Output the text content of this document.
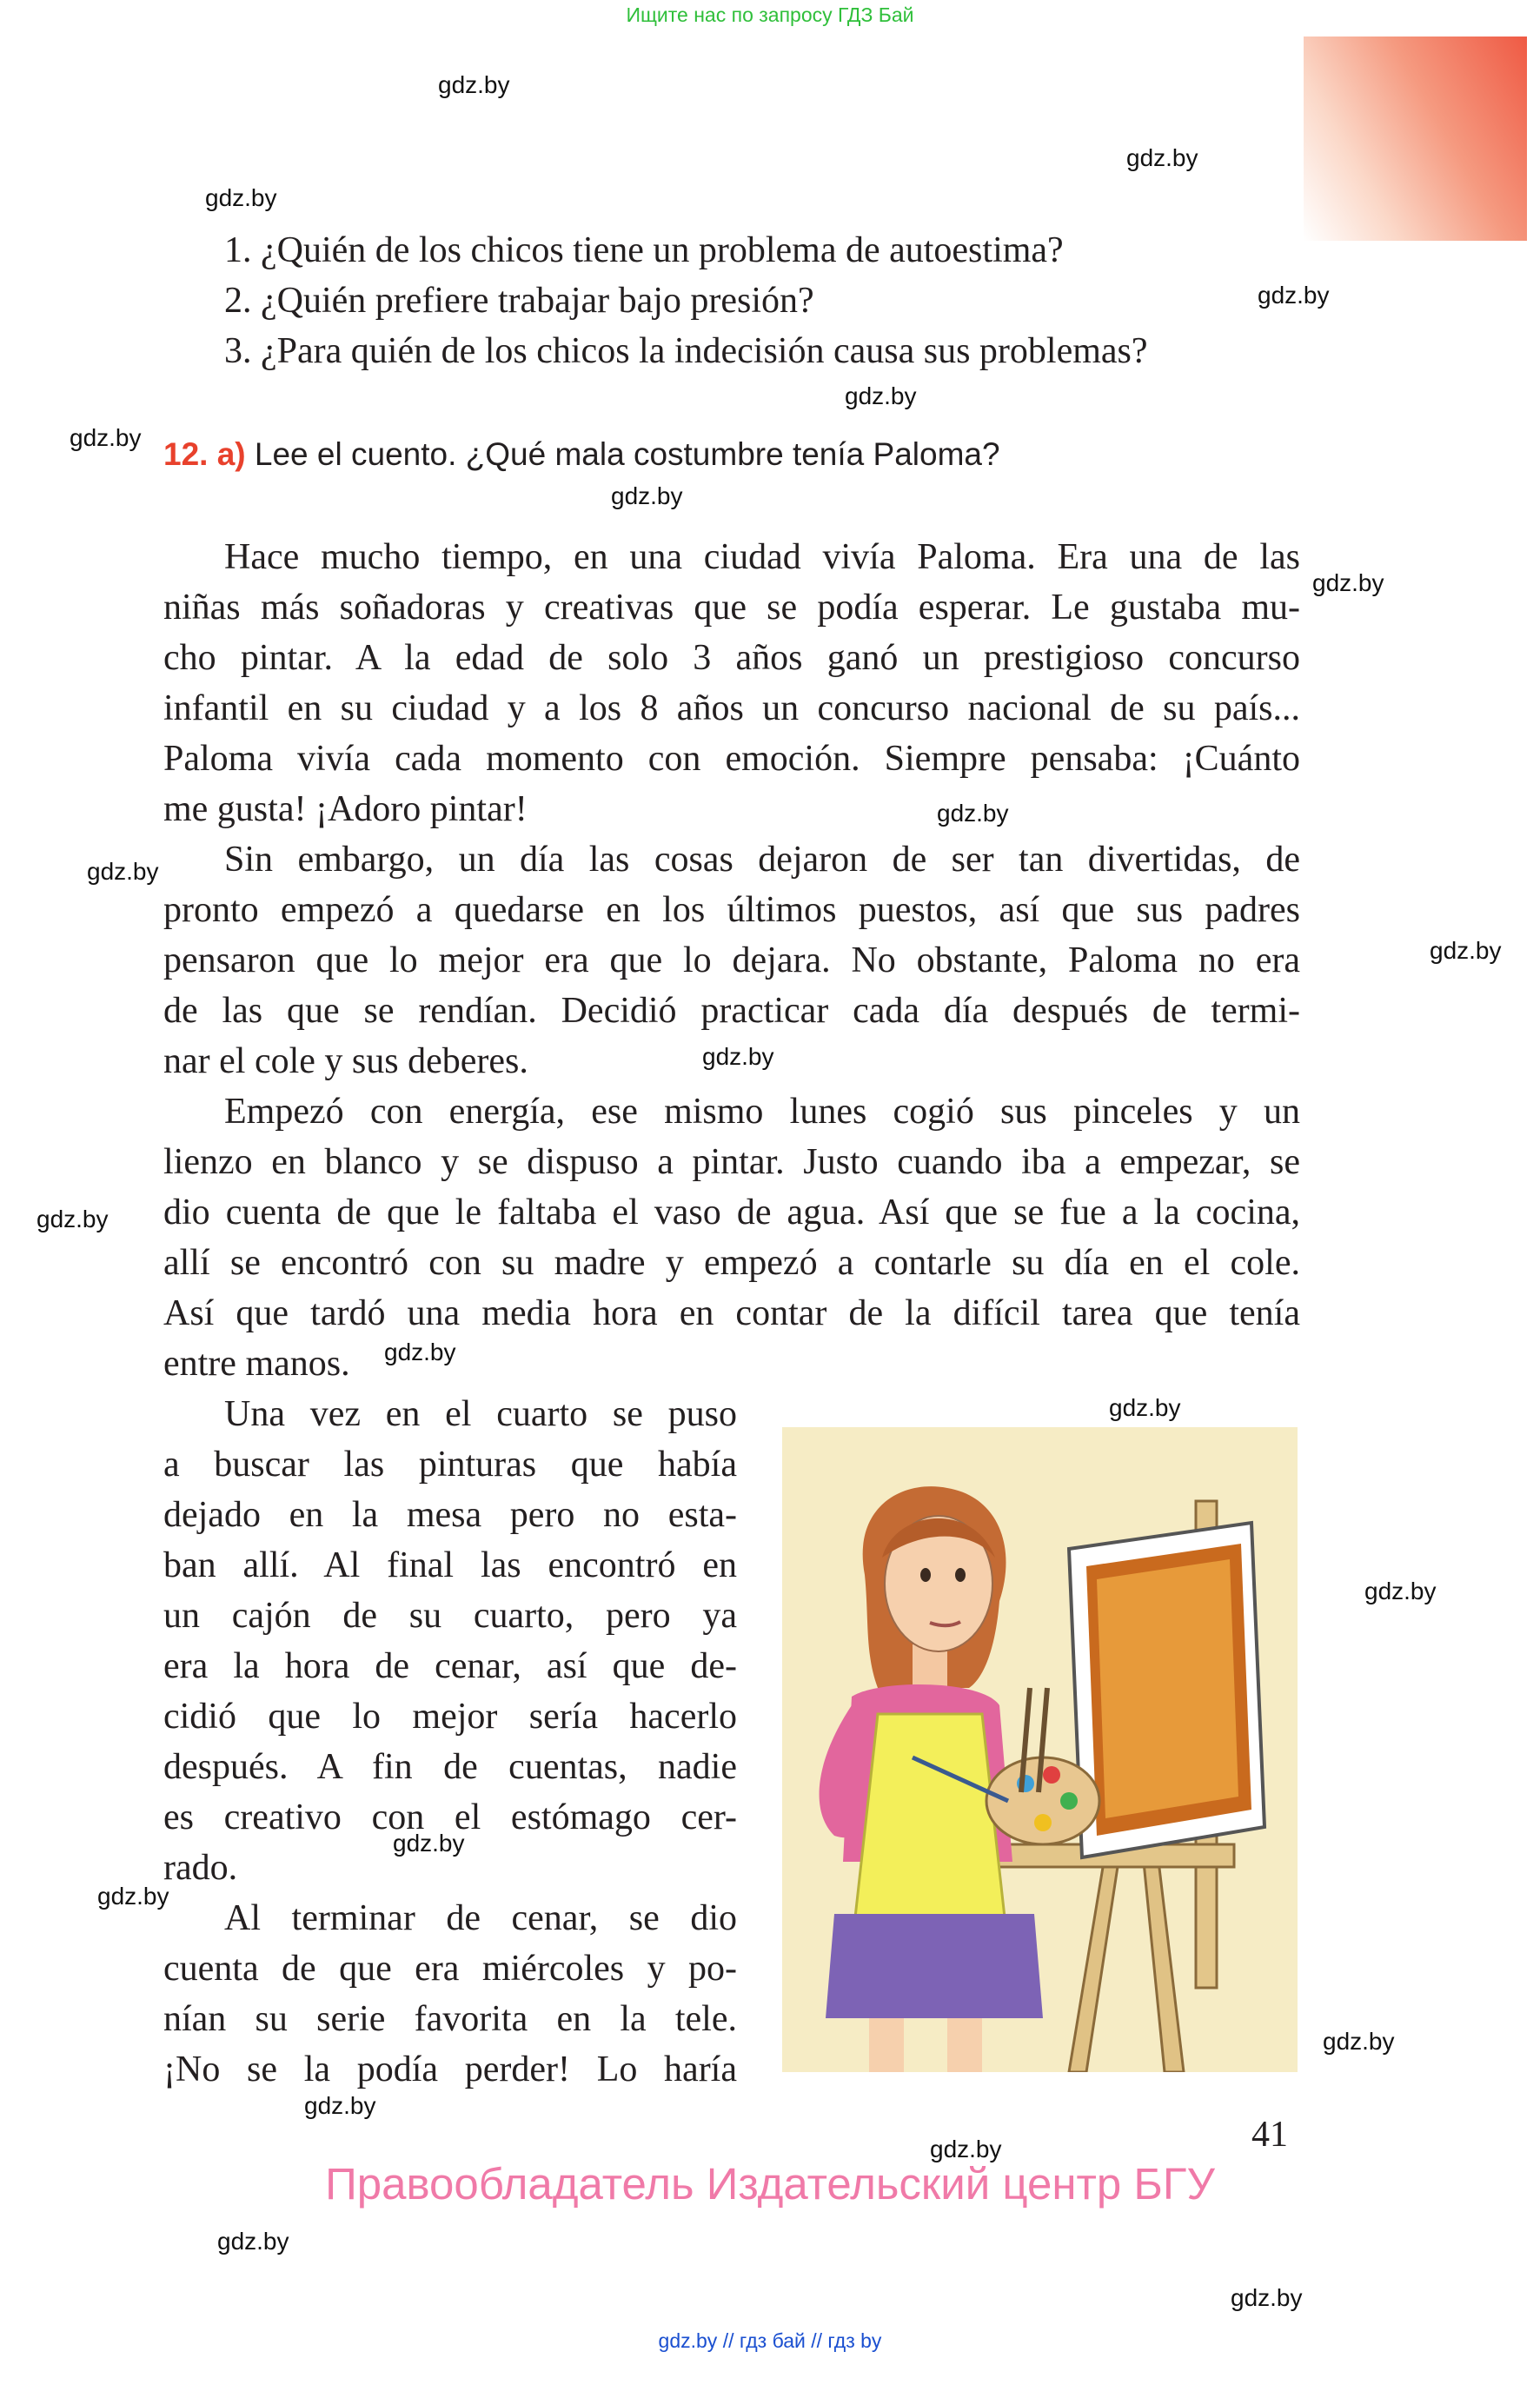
Ищите нас по запросу ГДЗ Бай
gdz.by
gdz.by
gdz.by
gdz.by
gdz.by
gdz.by
gdz.by
gdz.by
gdz.by
gdz.by
gdz.by
gdz.by
gdz.by
gdz.by
gdz.by
gdz.by
gdz.by
gdz.by
gdz.by
gdz.by
gdz.by
gdz.by
gdz.by
1. ¿Quién de los chicos tiene un problema de autoestima?
2. ¿Quién prefiere trabajar bajo presión?
3. ¿Para quién de los chicos la indecisión causa sus problemas?
12. a) Lee el cuento. ¿Qué mala costumbre tenía Paloma?
Hace mucho tiempo, en una ciudad vivía Paloma. Era una de las
niñas más soñadoras y creativas que se podía esperar. Le gustaba mu-
cho pintar. A la edad de solo 3 años ganó un prestigioso concurso
infantil en su ciudad y a los 8 años un concurso nacional de su país...
Paloma vivía cada momento con emoción. Siempre pensaba: ¡Cuánto
me gusta! ¡Adoro pintar!
Sin embargo, un día las cosas dejaron de ser tan divertidas, de
pronto empezó a quedarse en los últimos puestos, así que sus padres
pensaron que lo mejor era que lo dejara. No obstante, Paloma no era
de las que se rendían. Decidió practicar cada día después de termi-
nar el cole y sus deberes.
Empezó con energía, ese mismo lunes cogió sus pinceles y un
lienzo en blanco y se dispuso a pintar. Justo cuando iba a empezar, se
dio cuenta de que le faltaba el vaso de agua. Así que se fue a la cocina,
allí se encontró con su madre y empezó a contarle su día en el cole.
Así que tardó una media hora en contar de la difícil tarea que tenía
entre manos.
Una vez en el cuarto se puso
a buscar las pinturas que había
dejado en la mesa pero no esta-
ban allí. Al final las encontró en
un cajón de su cuarto, pero ya
era la hora de cenar, así que de-
cidió que lo mejor sería hacerlo
después. A fin de cuentas, nadie
es creativo con el estómago cer-
rado.
Al terminar de cenar, se dio
cuenta de que era miércoles y po-
nían su serie favorita en la tele.
¡No se la podía perder! Lo haría
41
Правообладатель Издательский центр БГУ
gdz.by // гдз бай // гдз by
